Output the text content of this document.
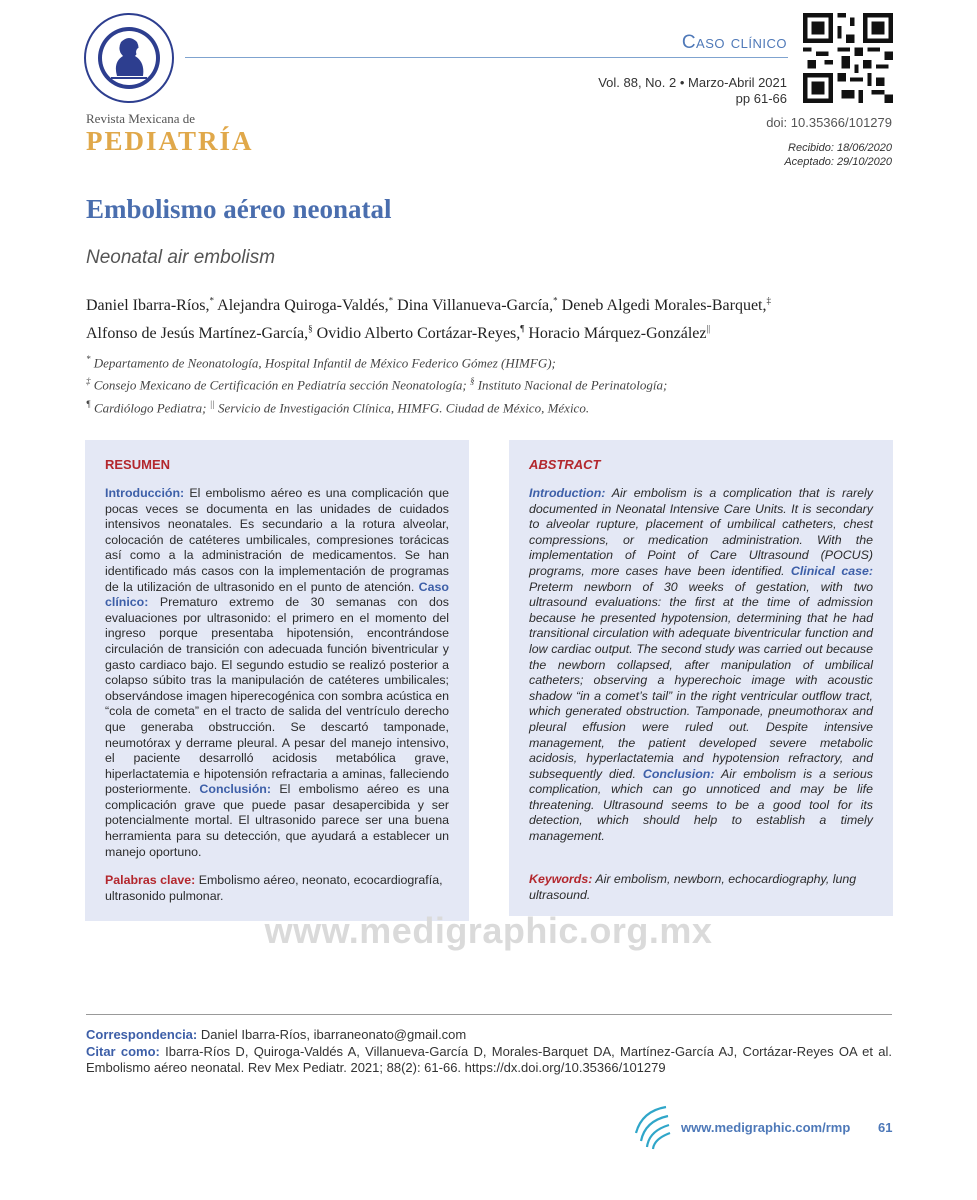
Revista Mexicana de
PEDIATRÍA
Caso clínico
Vol. 88, No. 2 • Marzo-Abril 2021
pp 61-66
doi: 10.35366/101279
Recibido: 18/06/2020
Aceptado: 29/10/2020
Embolismo aéreo neonatal
Neonatal air embolism
Daniel Ibarra-Ríos,* Alejandra Quiroga-Valdés,* Dina Villanueva-García,* Deneb Algedi Morales-Barquet,‡
Alfonso de Jesús Martínez-García,§ Ovidio Alberto Cortázar-Reyes,¶ Horacio Márquez-González||
* Departamento de Neonatología, Hospital Infantil de México Federico Gómez (HIMFG);
‡ Consejo Mexicano de Certificación en Pediatría sección Neonatología; § Instituto Nacional de Perinatología;
¶ Cardiólogo Pediatra; || Servicio de Investigación Clínica, HIMFG. Ciudad de México, México.
RESUMEN
Introducción: El embolismo aéreo es una complicación que pocas veces se documenta en las unidades de cuidados intensivos neonatales. Es secundario a la rotura alveolar, colocación de catéteres umbilicales, compresiones torácicas así como a la administración de medicamentos. Se han identificado más casos con la implementación de programas de la utilización de ultrasonido en el punto de atención. Caso clínico: Prematuro extremo de 30 semanas con dos evaluaciones por ultrasonido: el primero en el momento del ingreso porque presentaba hipotensión, encontrándose circulación de transición con adecuada función biventricular y gasto cardiaco bajo. El segundo estudio se realizó posterior a colapso súbito tras la manipulación de catéteres umbilicales; observándose imagen hiperecogénica con sombra acústica en “cola de cometa” en el tracto de salida del ventrículo derecho que generaba obstrucción. Se descartó tamponade, neumotórax y derrame pleural. A pesar del manejo intensivo, el paciente desarrolló acidosis metabólica grave, hiperlactatemia e hipotensión refractaria a aminas, falleciendo posteriormente. Conclusión: El embolismo aéreo es una complicación grave que puede pasar desapercibida y ser potencialmente mortal. El ultrasonido parece ser una buena herramienta para su detección, que ayudará a establecer un manejo oportuno.
Palabras clave: Embolismo aéreo, neonato, ecocardiografía, ultrasonido pulmonar.
ABSTRACT
Introduction: Air embolism is a complication that is rarely documented in Neonatal Intensive Care Units. It is secondary to alveolar rupture, placement of umbilical catheters, chest compressions, or medication administration. With the implementation of Point of Care Ultrasound (POCUS) programs, more cases have been identified. Clinical case: Preterm newborn of 30 weeks of gestation, with two ultrasound evaluations: the first at the time of admission because he presented hypotension, determining that he had transitional circulation with adequate biventricular function and low cardiac output. The second study was carried out because the newborn collapsed, after manipulation of umbilical catheters; observing a hyperechoic image with acoustic shadow “in a comet’s tail” in the right ventricular outflow tract, which generated obstruction. Tamponade, pneumothorax and pleural effusion were ruled out. Despite intensive management, the patient developed severe metabolic acidosis, hyperlactatemia and hypotension refractory, and subsequently died. Conclusion: Air embolism is a serious complication, which can go unnoticed and may be life threatening. Ultrasound seems to be a good tool for its detection, which should help to establish a timely management.
Keywords: Air embolism, newborn, echocardiography, lung ultrasound.
www.medigraphic.org.mx
Correspondencia: Daniel Ibarra-Ríos, ibarraneonato@gmail.com
Citar como: Ibarra-Ríos D, Quiroga-Valdés A, Villanueva-García D, Morales-Barquet DA, Martínez-García AJ, Cortázar-Reyes OA et al. Embolismo aéreo neonatal. Rev Mex Pediatr. 2021; 88(2): 61-66. https://dx.doi.org/10.35366/101279
www.medigraphic.com/rmp 61
